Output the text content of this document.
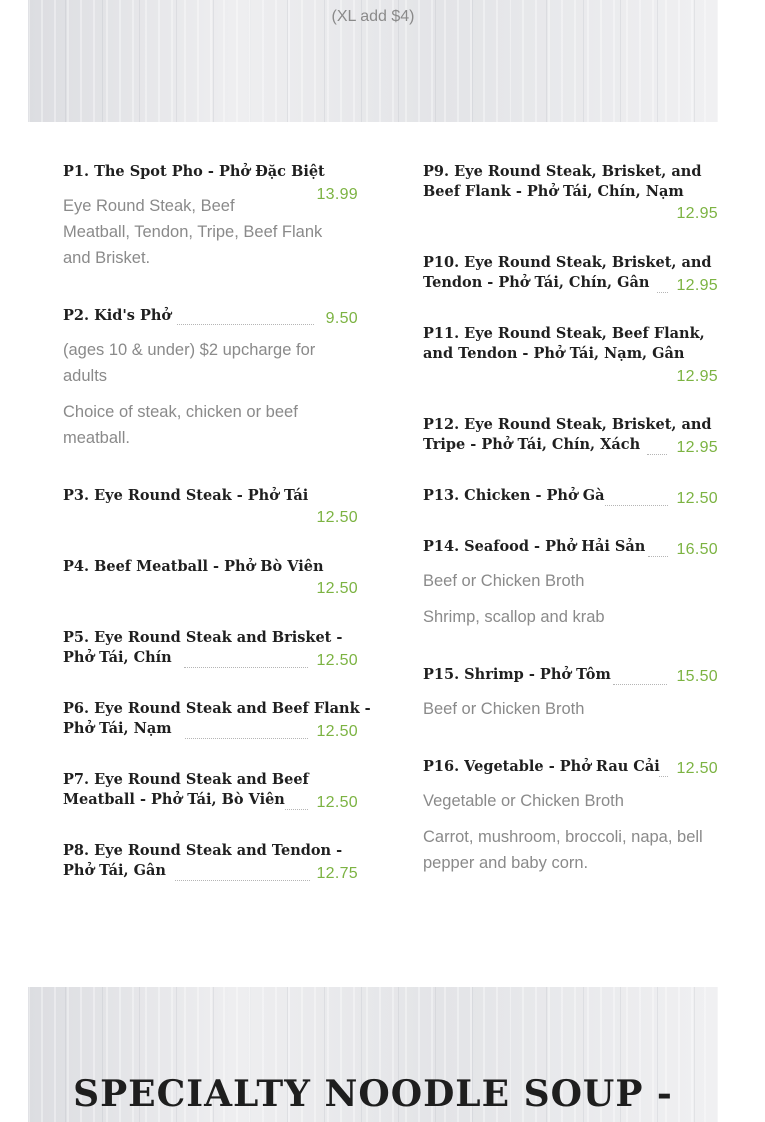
(XL add $4)
P1. The Spot Pho - Phở Đặc Biệt
13.99
Eye Round Steak, Beef
Meatball, Tendon, Tripe, Beef Flank
and Brisket.
P2. Kid's Phở	9.50
(ages 10 & under) $2 upcharge for
adults
Choice of steak, chicken or beef
meatball.
P3. Eye Round Steak - Phở Tái
12.50
P4. Beef Meatball - Phở Bò Viên
12.50
P5. Eye Round Steak and Brisket -
Phở Tái, Chín	12.50
P6. Eye Round Steak and Beef Flank -
Phở Tái, Nạm	12.50
P7. Eye Round Steak and Beef
Meatball - Phở Tái, Bò Viên	12.50
P8. Eye Round Steak and Tendon -
Phở Tái, Gân	12.75
P9. Eye Round Steak, Brisket, and
Beef Flank - Phở Tái, Chín, Nạm
12.95
P10. Eye Round Steak, Brisket, and
Tendon - Phở Tái, Chín, Gân	12.95
P11. Eye Round Steak, Beef Flank,
and Tendon - Phở Tái, Nạm, Gân
12.95
P12. Eye Round Steak, Brisket, and
Tripe - Phở Tái, Chín, Xách	12.95
P13. Chicken - Phở Gà	12.50
P14. Seafood - Phở Hải Sản 16.50
Beef or Chicken Broth
Shrimp, scallop and krab
P15. Shrimp - Phở Tôm	15.50
Beef or Chicken Broth
P16. Vegetable - Phở Rau Cải 12.50
Vegetable or Chicken Broth
Carrot, mushroom, broccoli, napa, bell
pepper and baby corn.
SPECIALTY NOODLE SOUP -
